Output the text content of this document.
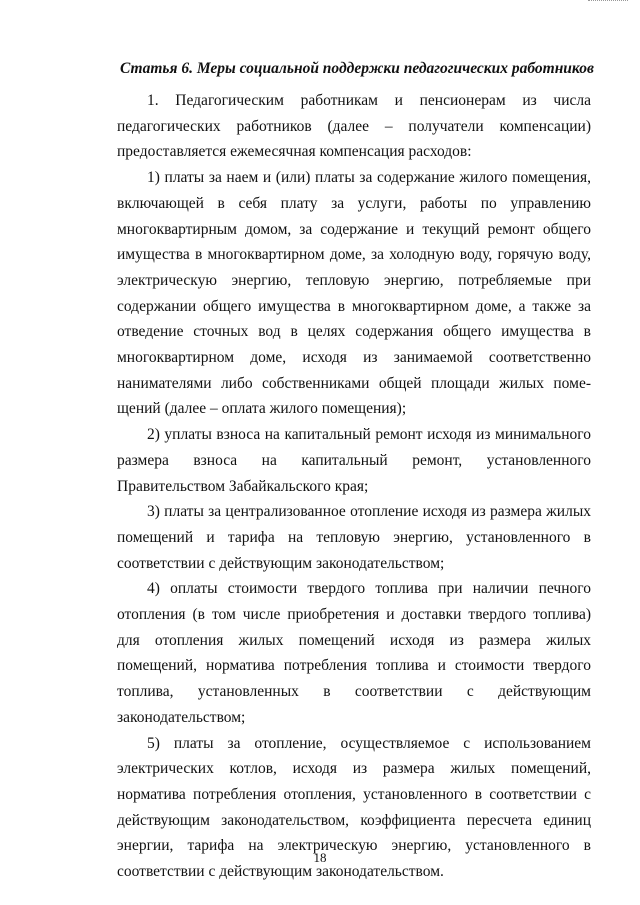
Статья 6. Меры социальной поддержки педагогических работников

1. Педагогическим работникам и пенсионерам из числа педагогических работников (далее – получатели компенсации) предоставляется ежемесячная компенсация расходов:

1) платы за наем и (или) платы за содержание жилого помещения, включающей в себя плату за услуги, работы по управлению многоквартирным домом, за содержание и текущий ремонт общего имущества в многоквартирном доме, за холодную воду, горячую воду, электрическую энергию, тепловую энергию, потребляемые при содержании общего имущества в многоквартирном доме, а также за отведение сточных вод в целях содержания общего имущества в многоквартирном доме, исходя из занимаемой соответственно нанимателями либо собственниками общей площади жилых помещений (далее – оплата жилого помещения);

2) уплаты взноса на капитальный ремонт исходя из минимального размера взноса на капитальный ремонт, установленного Правительством Забайкальского края;

3) платы за централизованное отопление исходя из размера жилых помещений и тарифа на тепловую энергию, установленного в соответствии с действующим законодательством;

4) оплаты стоимости твердого топлива при наличии печного отопления (в том числе приобретения и доставки твердого топлива) для отопления жилых помещений исходя из размера жилых помещений, норматива потребления топлива и стоимости твердого топлива, установленных в соответствии с действующим законодательством;

5) платы за отопление, осуществляемое с использованием электрических котлов, исходя из размера жилых помещений, норматива потребления отопления, установленного в соответствии с действующим законодательством, коэффициента пересчета единиц энергии, тарифа на электрическую энергию, установленного в соответствии с действующим законодательством.

18
